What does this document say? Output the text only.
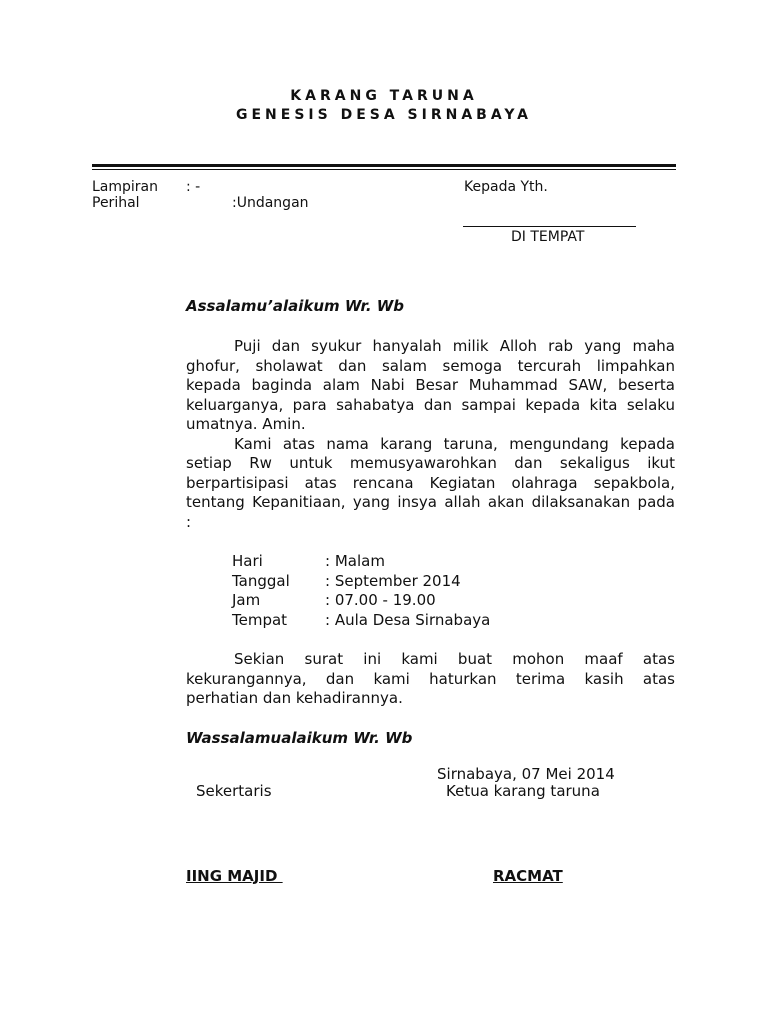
KARANG TARUNA
GENESIS DESA SIRNABAYA
Lampiran : -
Perihal	:Undangan
Kepada Yth.
DI TEMPAT
Assalamu’alaikum Wr. Wb
Puji dan syukur hanyalah milik Alloh rab yang maha
ghofur, sholawat dan salam semoga tercurah limpahkan
kepada baginda alam Nabi Besar Muhammad SAW, beserta
keluarganya, para sahabatya dan sampai kepada kita selaku
umatnya. Amin.
Kami atas nama karang taruna, mengundang kepada
setiap Rw untuk memusyawarohkan dan sekaligus ikut
berpartisipasi atas rencana Kegiatan olahraga sepakbola,
tentang Kepanitiaan, yang insya allah akan dilaksanakan pada
:
Hari	: Malam
Tanggal : September 2014
Jam	: 07.00 - 19.00
Tempat	: Aula Desa Sirnabaya
Sekian surat ini kami buat mohon maaf atas
kekurangannya, dan kami haturkan terima kasih atas
perhatian dan kehadirannya.
Wassalamualaikum Wr. Wb
Sirnabaya, 07 Mei 2014
Sekertaris	Ketua karang taruna
IING MAJID	RACMAT
